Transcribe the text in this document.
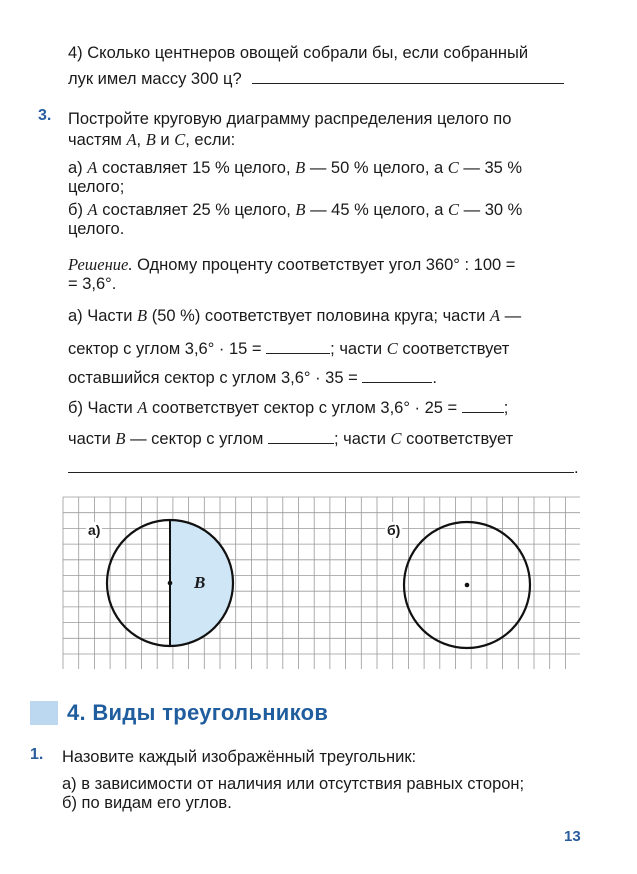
4) Сколько центнеров овощей собрали бы, если собранный
лук имел массу 300 ц?
3. Постройте круговую диаграмму распределения целого по
частям A, B и C, если:
а) A составляет 15 % целого, B — 50 % целого, а C — 35 %
целого;
б) A составляет 25 % целого, B — 45 % целого, а C — 30 %
целого.
Решение. Одному проценту соответствует угол 360° : 100 =
= 3,6°.
а) Части B (50 %) соответствует половина круга; части A —
сектор с углом 3,6° · 15 =	; части C соответствует
оставшийся сектор с углом 3,6° · 35 =	.
б) Части A соответствует сектор с углом 3,6° · 25 =	;
части B — сектор с углом	; части C соответствует
.
а)	б)
B
4. Виды треугольников
1. Назовите каждый изображённый треугольник:
а) в зависимости от наличия или отсутствия равных сторон;
б) по видам его углов.
13
